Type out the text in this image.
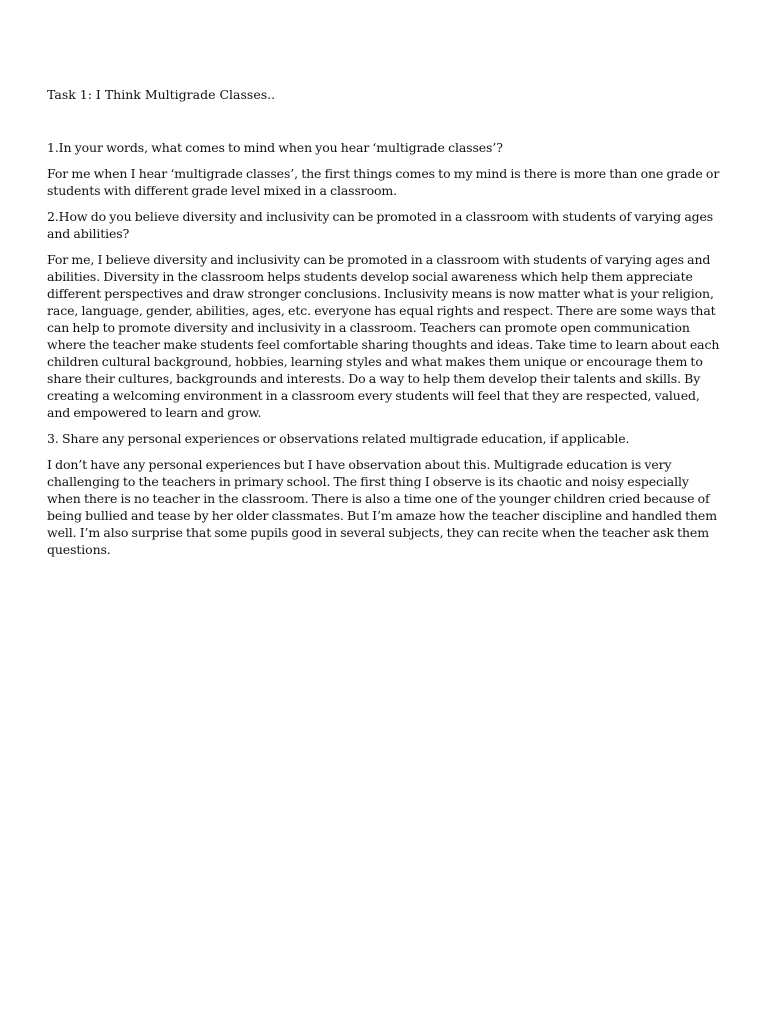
Task 1: I Think Multigrade Classes..

1.In your words, what comes to mind when you hear ‘multigrade classes’?

For me when I hear ‘multigrade classes’, the first things comes to my mind is there is more than one grade or students with different grade level mixed in a classroom.

2.How do you believe diversity and inclusivity can be promoted in a classroom with students of varying ages and abilities?

For me, I believe diversity and inclusivity can be promoted in a classroom with students of varying ages and abilities. Diversity in the classroom helps students develop social awareness which help them appreciate different perspectives and draw stronger conclusions. Inclusivity means is now matter what is your religion, race, language, gender, abilities, ages, etc. everyone has equal rights and respect. There are some ways that can help to promote diversity and inclusivity in a classroom. Teachers can promote open communication where the teacher make students feel comfortable sharing thoughts and ideas. Take time to learn about each children cultural background, hobbies, learning styles and what makes them unique or encourage them to share their cultures, backgrounds and interests. Do a way to help them develop their talents and skills. By creating a welcoming environment in a classroom every students will feel that they are respected, valued, and empowered to learn and grow.

3. Share any personal experiences or observations related multigrade education, if applicable.

I don’t have any personal experiences but I have observation about this. Multigrade education is very challenging to the teachers in primary school. The first thing I observe is its chaotic and noisy especially when there is no teacher in the classroom. There is also a time one of the younger children cried because of being bullied and tease by her older classmates. But I’m amaze how the teacher discipline and handled them well. I’m also surprise that some pupils good in several subjects, they can recite when the teacher ask them questions.
